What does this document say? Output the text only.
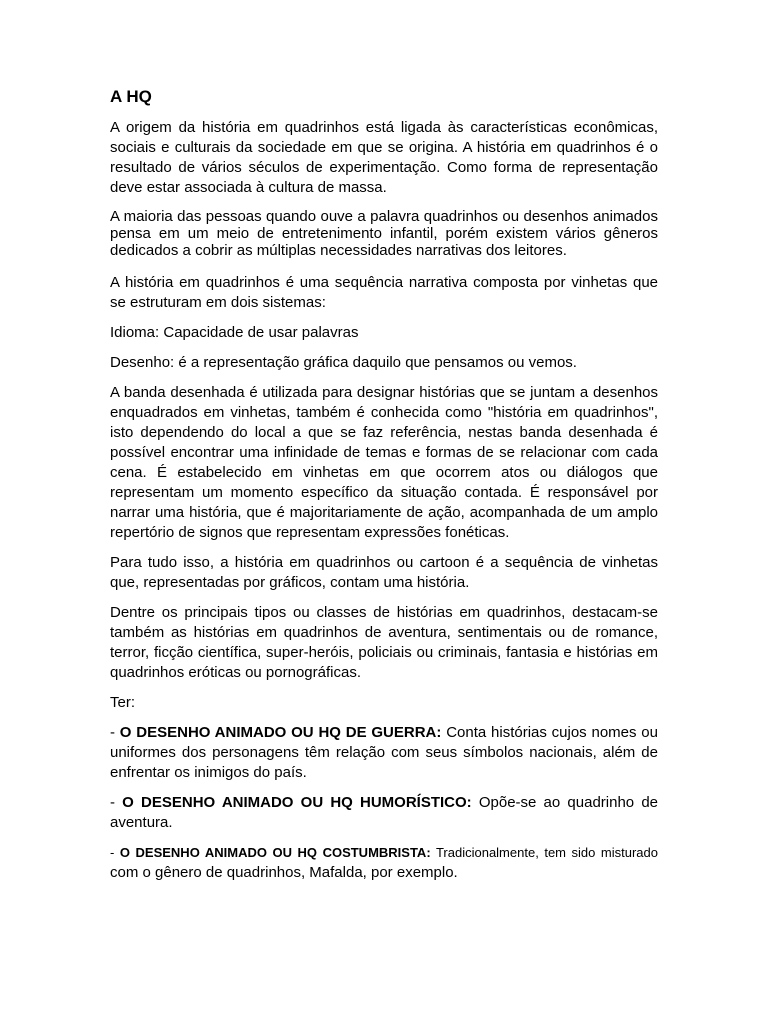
A HQ

A origem da história em quadrinhos está ligada às características econômicas, sociais e culturais da sociedade em que se origina. A história em quadrinhos é o resultado de vários séculos de experimentação. Como forma de representação deve estar associada à cultura de massa.

A maioria das pessoas quando ouve a palavra quadrinhos ou desenhos animados pensa em um meio de entretenimento infantil, porém existem vários gêneros dedicados a cobrir as múltiplas necessidades narrativas dos leitores.

A história em quadrinhos é uma sequência narrativa composta por vinhetas que se estruturam em dois sistemas:

Idioma: Capacidade de usar palavras

Desenho: é a representação gráfica daquilo que pensamos ou vemos.

A banda desenhada é utilizada para designar histórias que se juntam a desenhos enquadrados em vinhetas, também é conhecida como "história em quadrinhos", isto dependendo do local a que se faz referência, nestas banda desenhada é possível encontrar uma infinidade de temas e formas de se relacionar com cada cena. É estabelecido em vinhetas em que ocorrem atos ou diálogos que representam um momento específico da situação contada. É responsável por narrar uma história, que é majoritariamente de ação, acompanhada de um amplo repertório de signos que representam expressões fonéticas.

Para tudo isso, a história em quadrinhos ou cartoon é a sequência de vinhetas que, representadas por gráficos, contam uma história.

Dentre os principais tipos ou classes de histórias em quadrinhos, destacam-se também as histórias em quadrinhos de aventura, sentimentais ou de romance, terror, ficção científica, super-heróis, policiais ou criminais, fantasia e histórias em quadrinhos eróticas ou pornográficas.

Ter:

- O DESENHO ANIMADO OU HQ DE GUERRA: Conta histórias cujos nomes ou uniformes dos personagens têm relação com seus símbolos nacionais, além de enfrentar os inimigos do país.

- O DESENHO ANIMADO OU HQ HUMORÍSTICO: Opõe-se ao quadrinho de aventura.

- O DESENHO ANIMADO OU HQ COSTUMBRISTA: Tradicionalmente, tem sido misturado com o gênero de quadrinhos, Mafalda, por exemplo.
